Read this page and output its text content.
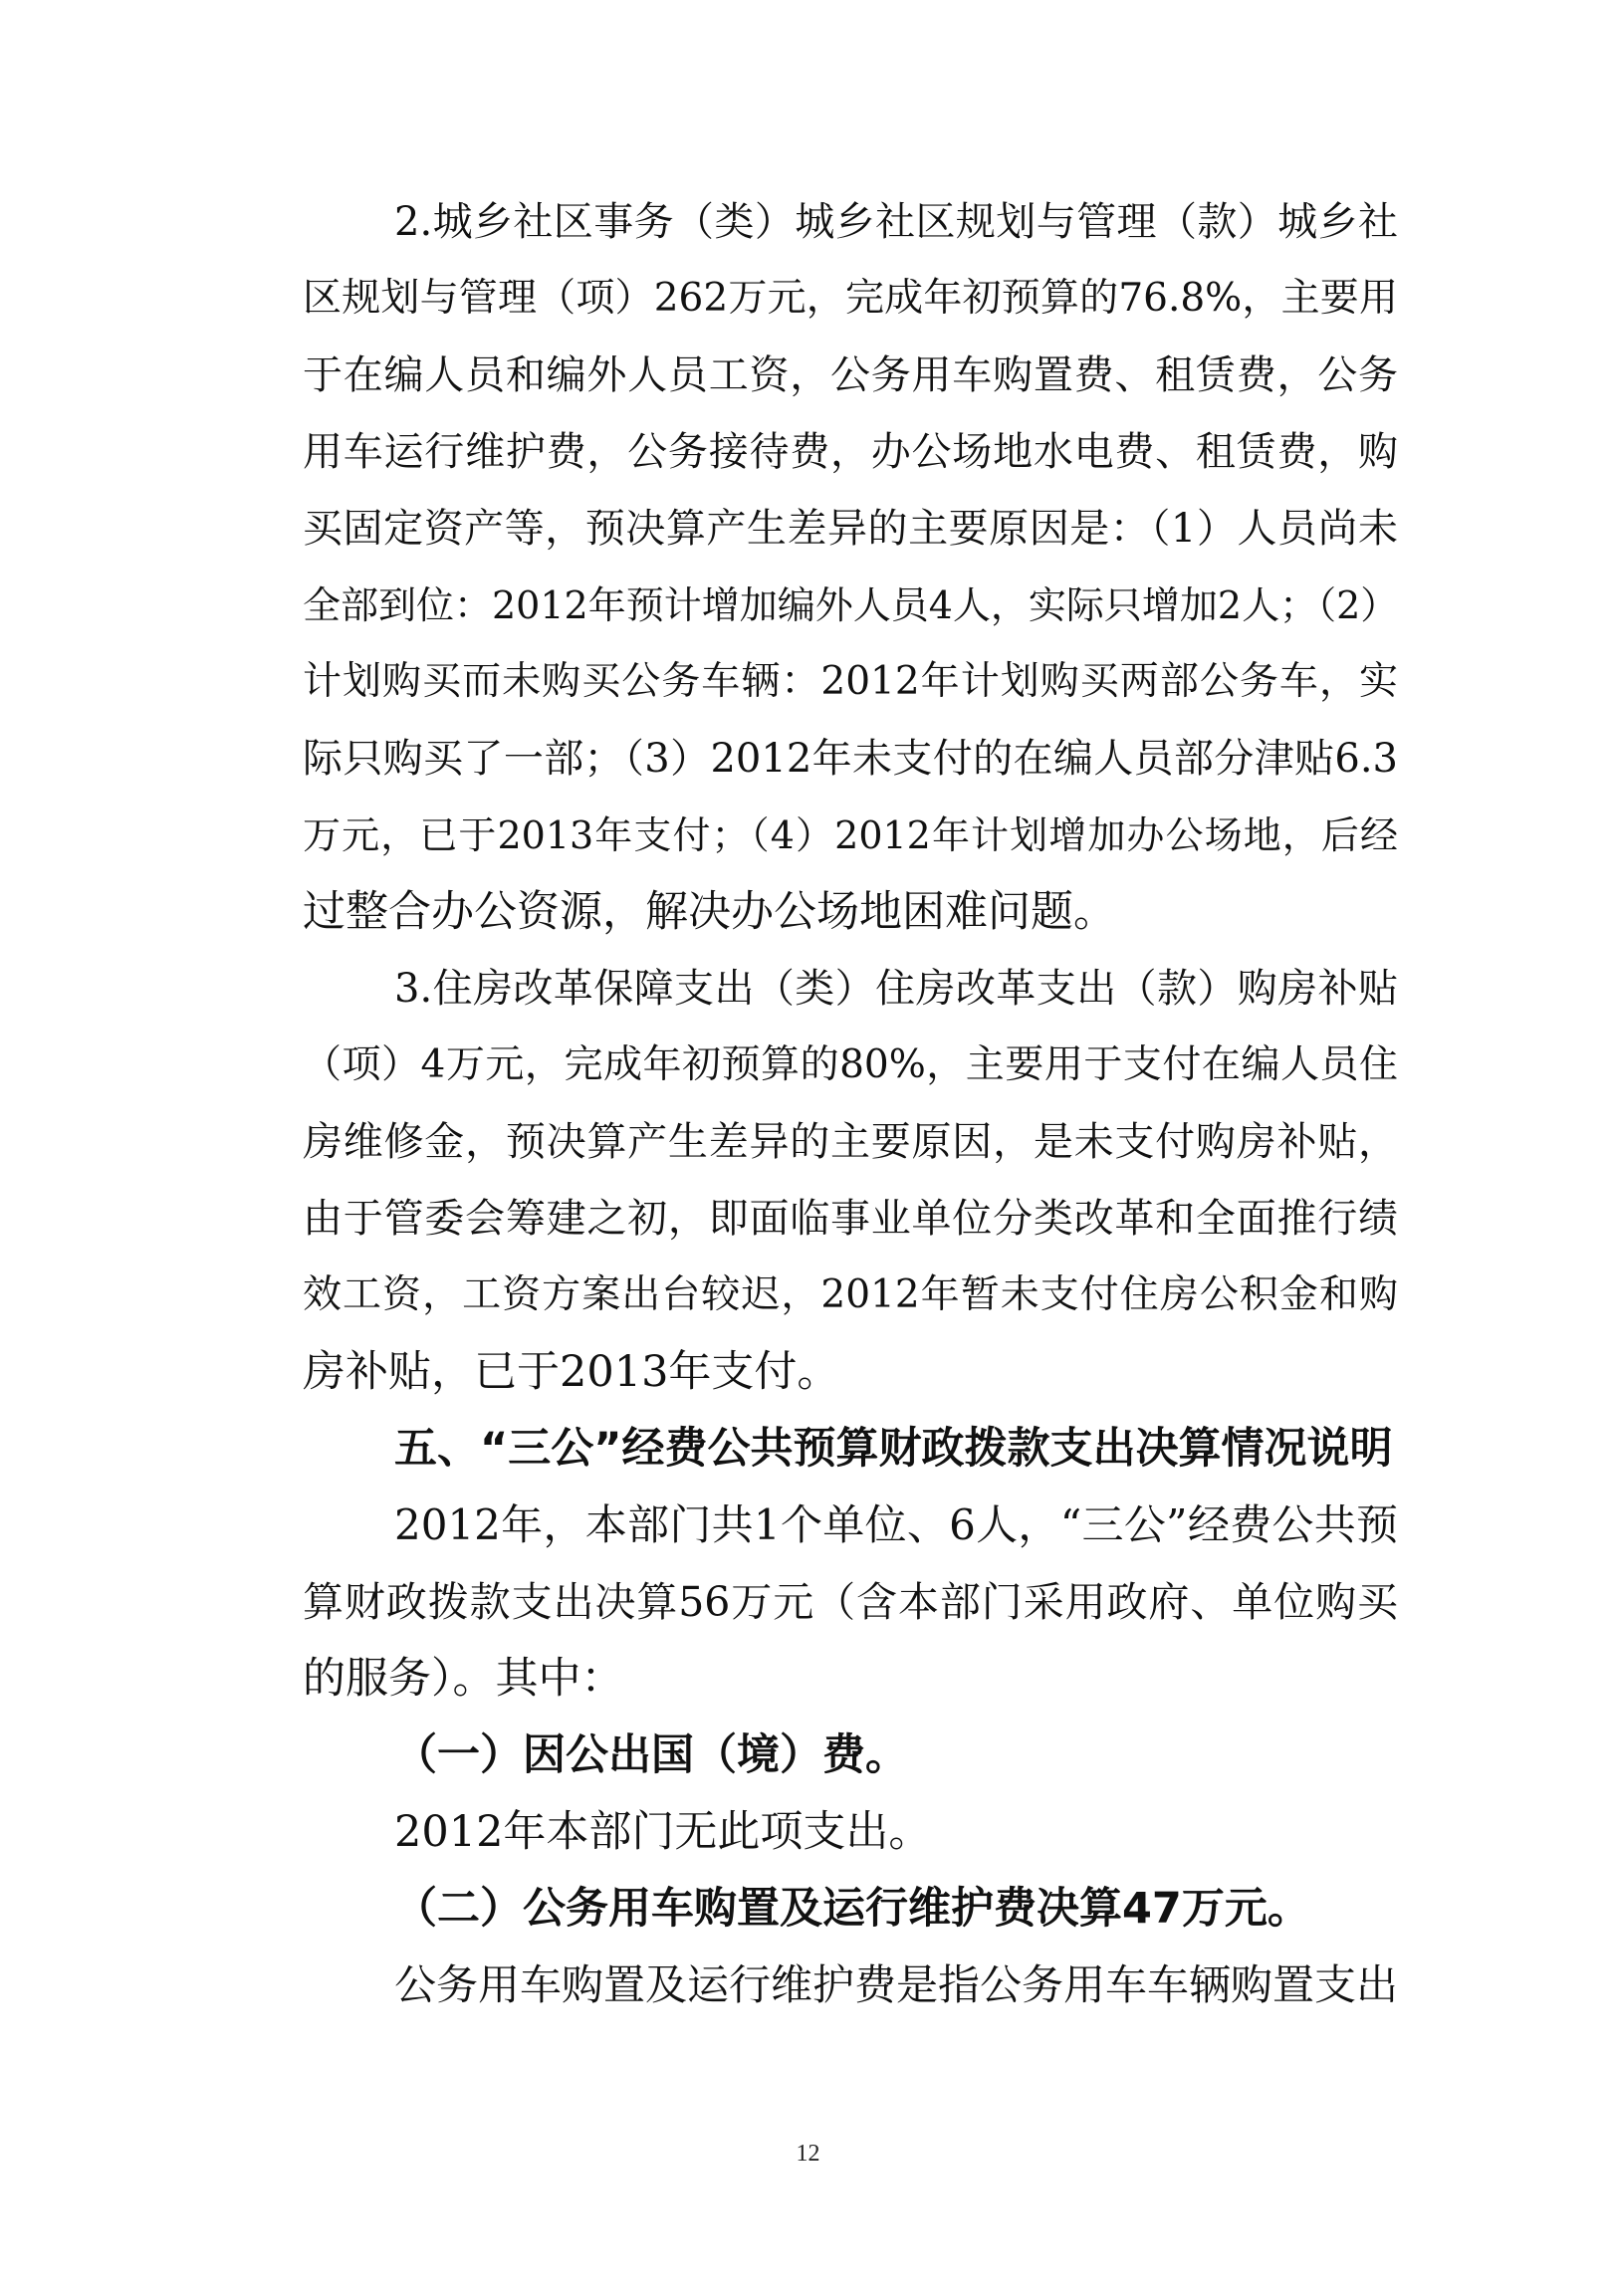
2.城乡社区事务（类）城乡社区规划与管理（款）城乡社
区规划与管理（项）262万元，完成年初预算的76.8%，主要用
于在编人员和编外人员工资，公务用车购置费、租赁费，公务
用车运行维护费，公务接待费，办公场地水电费、租赁费，购
买固定资产等，预决算产生差异的主要原因是：（1）人员尚未
全部到位：2012年预计增加编外人员4人，实际只增加2人；（2）
计划购买而未购买公务车辆：2012年计划购买两部公务车，实
际只购买了一部；（3）2012年未支付的在编人员部分津贴6.3
万元，已于2013年支付；（4）2012年计划增加办公场地，后经
过整合办公资源，解决办公场地困难问题。
3.住房改革保障支出（类）住房改革支出（款）购房补贴
（项）4万元，完成年初预算的80%，主要用于支付在编人员住
房维修金，预决算产生差异的主要原因，是未支付购房补贴，
由于管委会筹建之初，即面临事业单位分类改革和全面推行绩
效工资，工资方案出台较迟，2012年暂未支付住房公积金和购
房补贴，已于2013年支付。
五、“三公”经费公共预算财政拨款支出决算情况说明
2012年，本部门共1个单位、6人，“三公”经费公共预
算财政拨款支出决算56万元（含本部门采用政府、单位购买
的服务）。其中：
（一）因公出国（境）费。
2012年本部门无此项支出。
（二）公务用车购置及运行维护费决算47万元。
公务用车购置及运行维护费是指公务用车车辆购置支出
12
